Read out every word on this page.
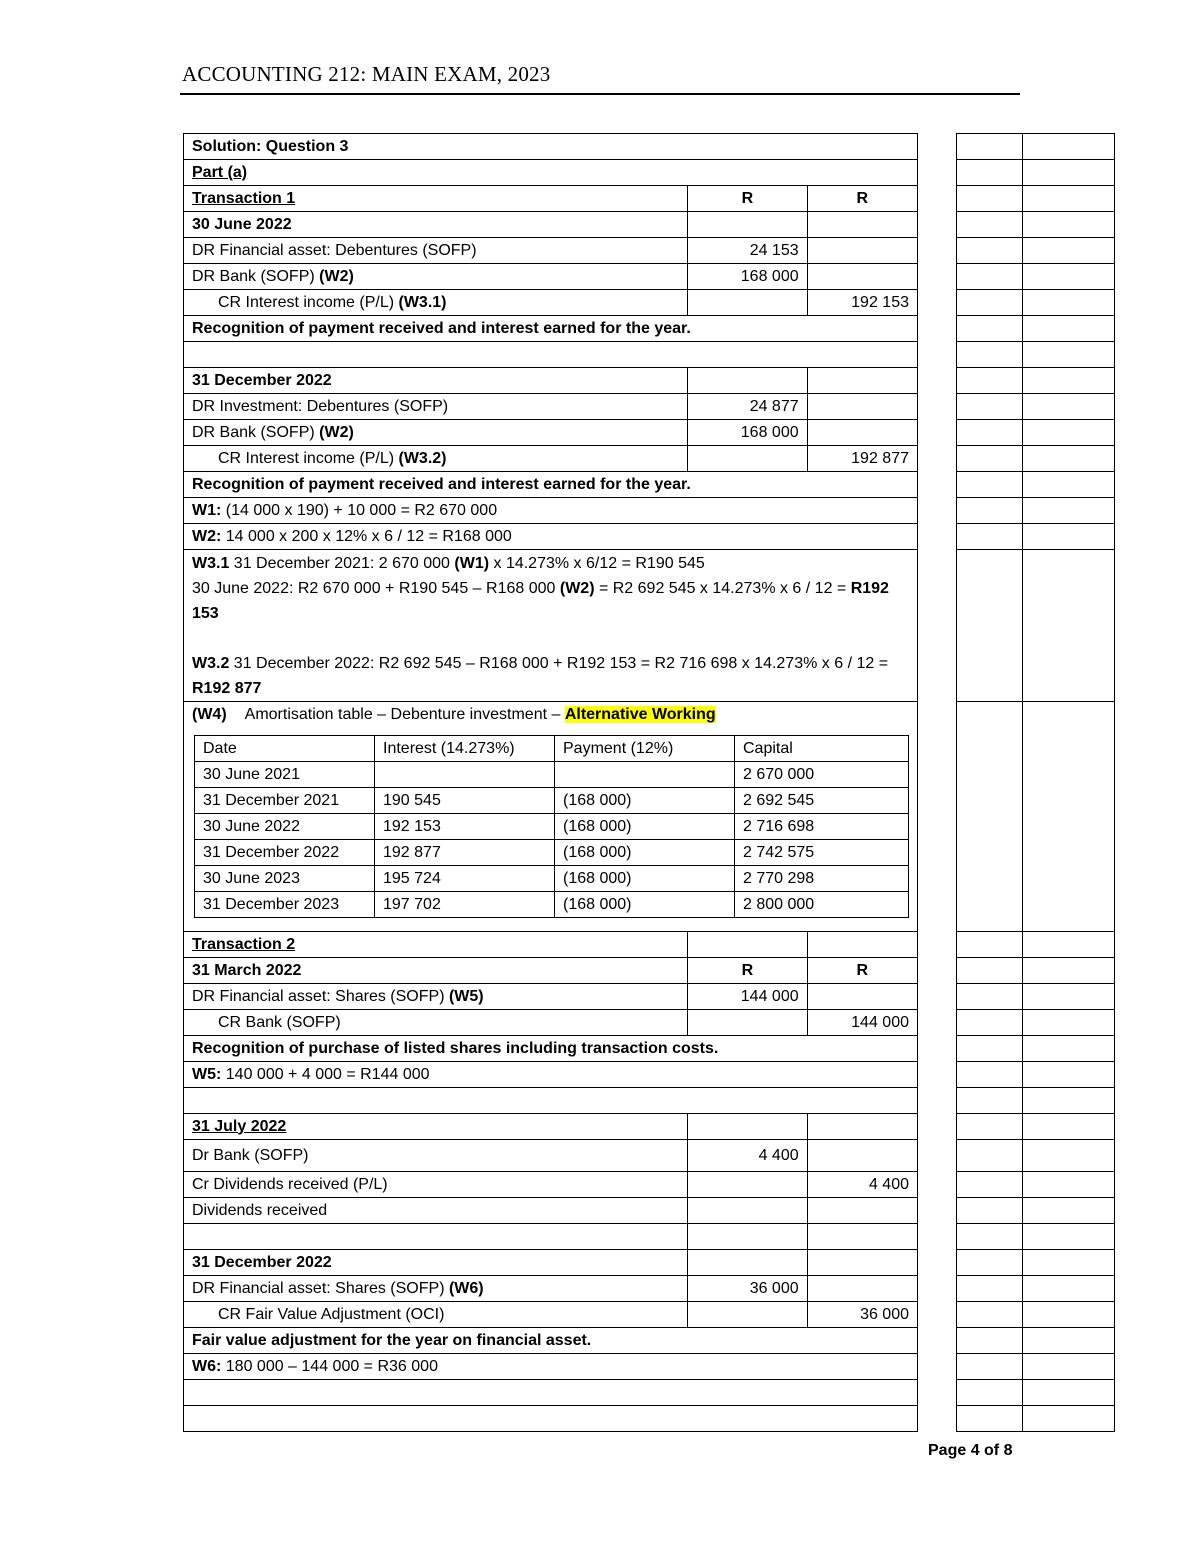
ACCOUNTING 212: MAIN EXAM, 2023
Solution: Question 3
Part (a)
Transaction 1	R	R
30 June 2022		
DR Financial asset: Debentures (SOFP)	24 153	
DR Bank (SOFP) (W2)	168 000	
CR Interest income (P/L) (W3.1)		192 153
Recognition of payment received and interest earned for the year.

31 December 2022		
DR Investment: Debentures (SOFP)	24 877	
DR Bank (SOFP) (W2)	168 000	
CR Interest income (P/L) (W3.2)		192 877
Recognition of payment received and interest earned for the year.
W1: (14 000 x 190) + 10 000 = R2 670 000
W2: 14 000 x 200 x 12% x 6 / 12 = R168 000
W3.1 31 December 2021: 2 670 000 (W1) x 14.273% x 6/12 = R190 545
30 June 2022: R2 670 000 + R190 545 – R168 000 (W2) = R2 692 545 x 14.273% x 6 / 12 = R192 153

W3.2 31 December 2022: R2 692 545 – R168 000 + R192 153 = R2 716 698 x 14.273% x 6 / 12 = R192 877

(W4) Amortisation table – Debenture investment – Alternative Working
Date	Interest (14.273%)	Payment (12%)	Capital
30 June 2021			2 670 000
31 December 2021	190 545	(168 000)	2 692 545
30 June 2022	192 153	(168 000)	2 716 698
31 December 2022	192 877	(168 000)	2 742 575
30 June 2023	195 724	(168 000)	2 770 298
31 December 2023	197 702	(168 000)	2 800 000

Transaction 2		
31 March 2022	R	R
DR Financial asset: Shares (SOFP) (W5)	144 000	
CR Bank (SOFP)		144 000
Recognition of purchase of listed shares including transaction costs.
W5: 140 000 + 4 000 = R144 000

31 July 2022		
Dr Bank (SOFP)	4 400	
Cr Dividends received (P/L)		4 400
Dividends received		

31 December 2022		
DR Financial asset: Shares (SOFP) (W6)	36 000	
CR Fair Value Adjustment (OCI)		36 000
Fair value adjustment for the year on financial asset.
W6: 180 000 – 144 000 = R36 000

Page 4 of 8
